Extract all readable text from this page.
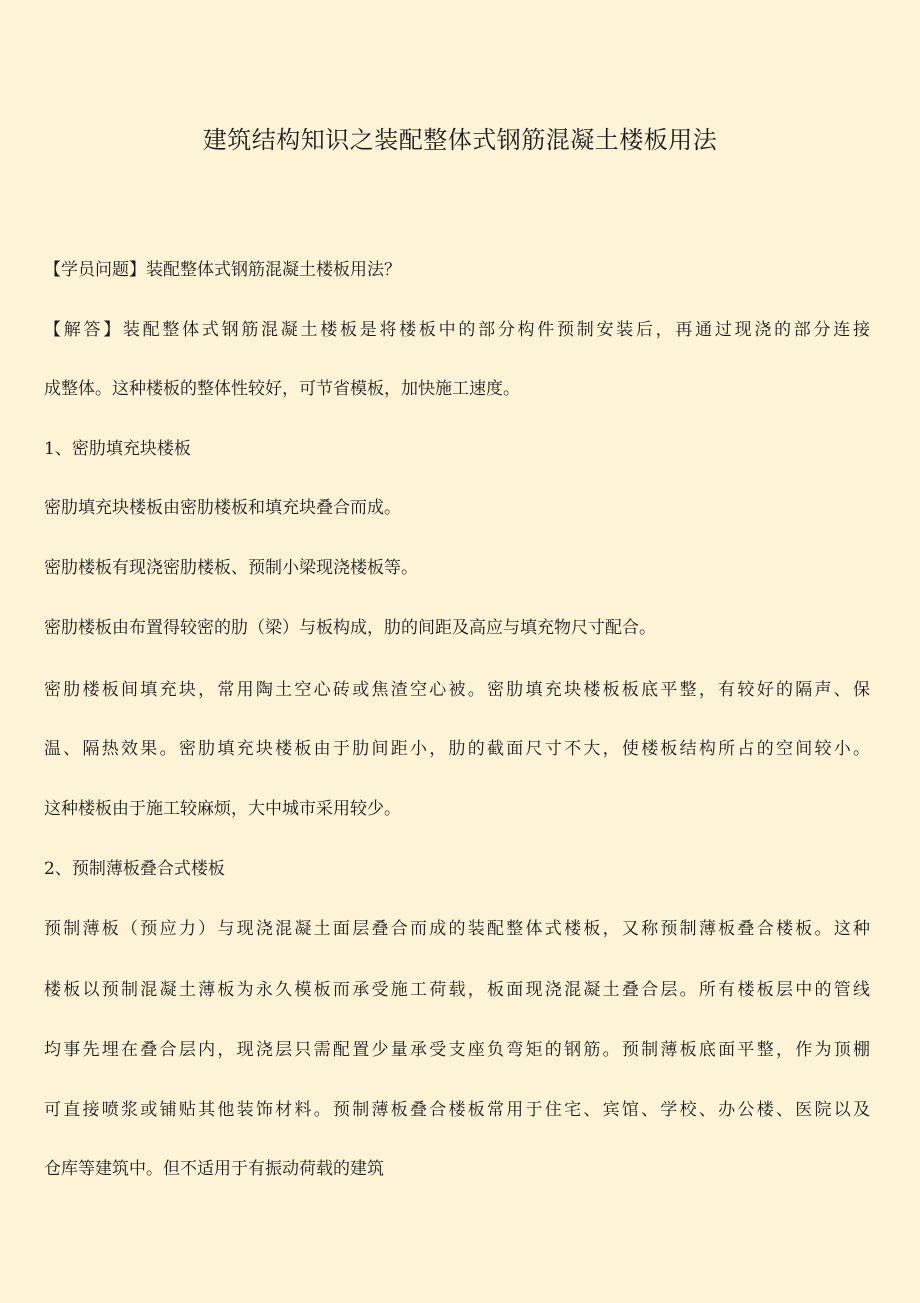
建筑结构知识之装配整体式钢筋混凝土楼板用法
【学员问题】装配整体式钢筋混凝土楼板用法？
【解答】装配整体式钢筋混凝土楼板是将楼板中的部分构件预制安装后，再通过现浇的部分连接
成整体。这种楼板的整体性较好，可节省模板，加快施工速度。
1、密肋填充块楼板
密肋填充块楼板由密肋楼板和填充块叠合而成。
密肋楼板有现浇密肋楼板、预制小梁现浇楼板等。
密肋楼板由布置得较密的肋（梁）与板构成，肋的间距及高应与填充物尺寸配合。
密肋楼板间填充块，常用陶土空心砖或焦渣空心被。密肋填充块楼板板底平整，有较好的隔声、保
温、隔热效果。密肋填充块楼板由于肋间距小，肋的截面尺寸不大，使楼板结构所占的空间较小。
这种楼板由于施工较麻烦，大中城市采用较少。
2、预制薄板叠合式楼板
预制薄板（预应力）与现浇混凝土面层叠合而成的装配整体式楼板，又称预制薄板叠合楼板。这种
楼板以预制混凝土薄板为永久模板而承受施工荷载，板面现浇混凝土叠合层。所有楼板层中的管线
均事先埋在叠合层内，现浇层只需配置少量承受支座负弯矩的钢筋。预制薄板底面平整，作为顶棚
可直接喷浆或铺贴其他装饰材料。预制薄板叠合楼板常用于住宅、宾馆、学校、办公楼、医院以及
仓库等建筑中。但不适用于有振动荷载的建筑
